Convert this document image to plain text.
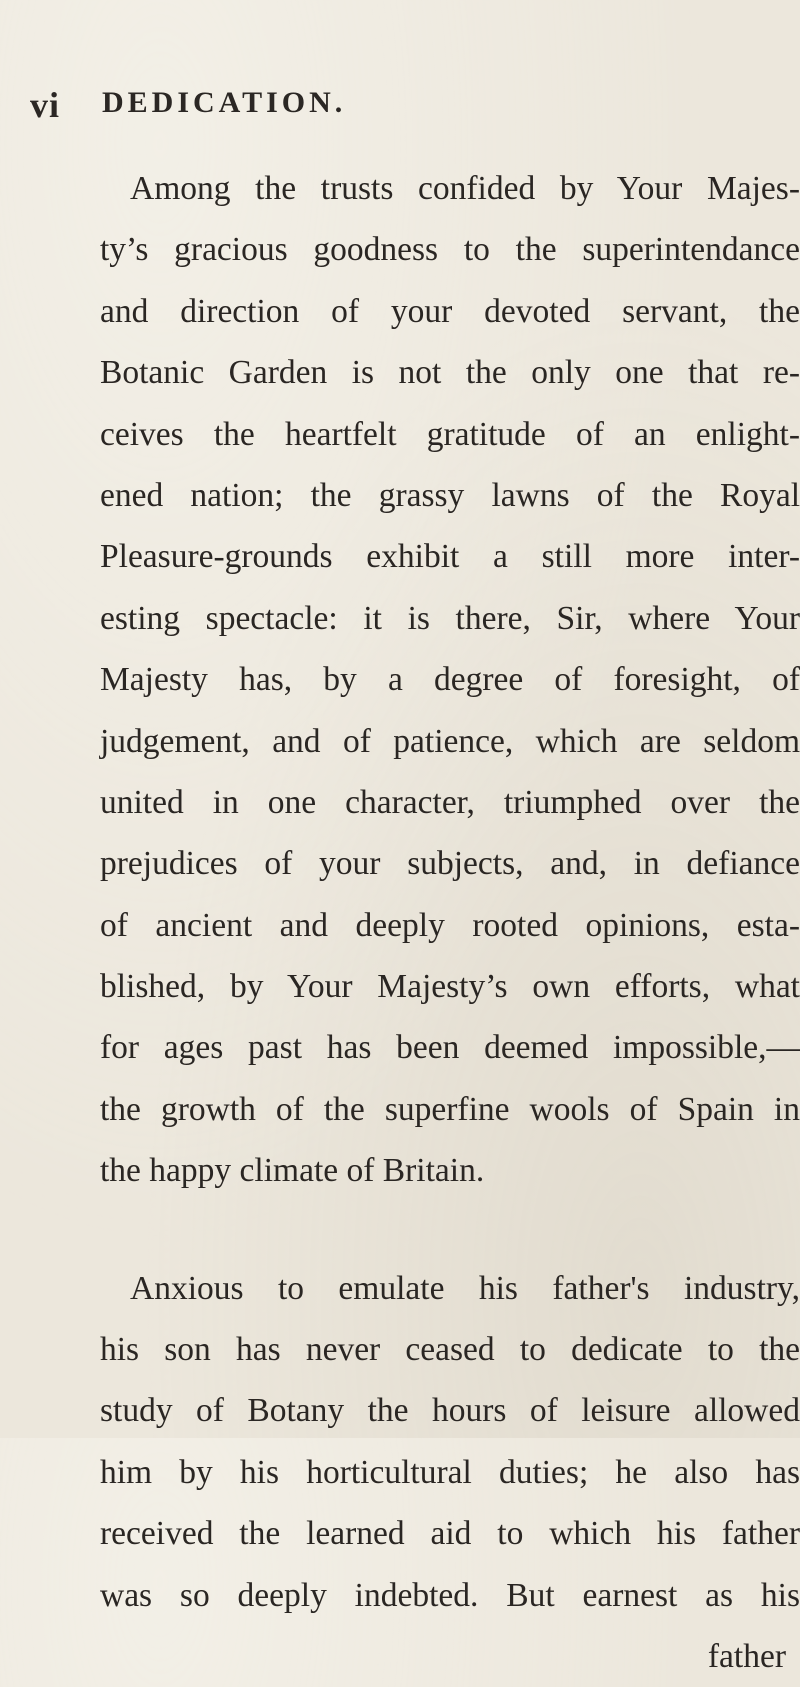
vi DEDICATION.

Among the trusts confided by Your Majes-
ty’s gracious goodness to the superintendance
and direction of your devoted servant, the
Botanic Garden is not the only one that re-
ceives the heartfelt gratitude of an enlight-
ened nation; the grassy lawns of the Royal
Pleasure-grounds exhibit a still more inter-
esting spectacle: it is there, Sir, where Your
Majesty has, by a degree of foresight, of
judgement, and of patience, which are seldom
united in one character, triumphed over the
prejudices of your subjects, and, in defiance
of ancient and deeply rooted opinions, esta-
blished, by Your Majesty’s own efforts, what
for ages past has been deemed impossible,—
the growth of the superfine wools of Spain in
the happy climate of Britain.

Anxious to emulate his father's industry,
his son has never ceased to dedicate to the
study of Botany the hours of leisure allowed
him by his horticultural duties; he also has
received the learned aid to which his father
was so deeply indebted. But earnest as his

father
